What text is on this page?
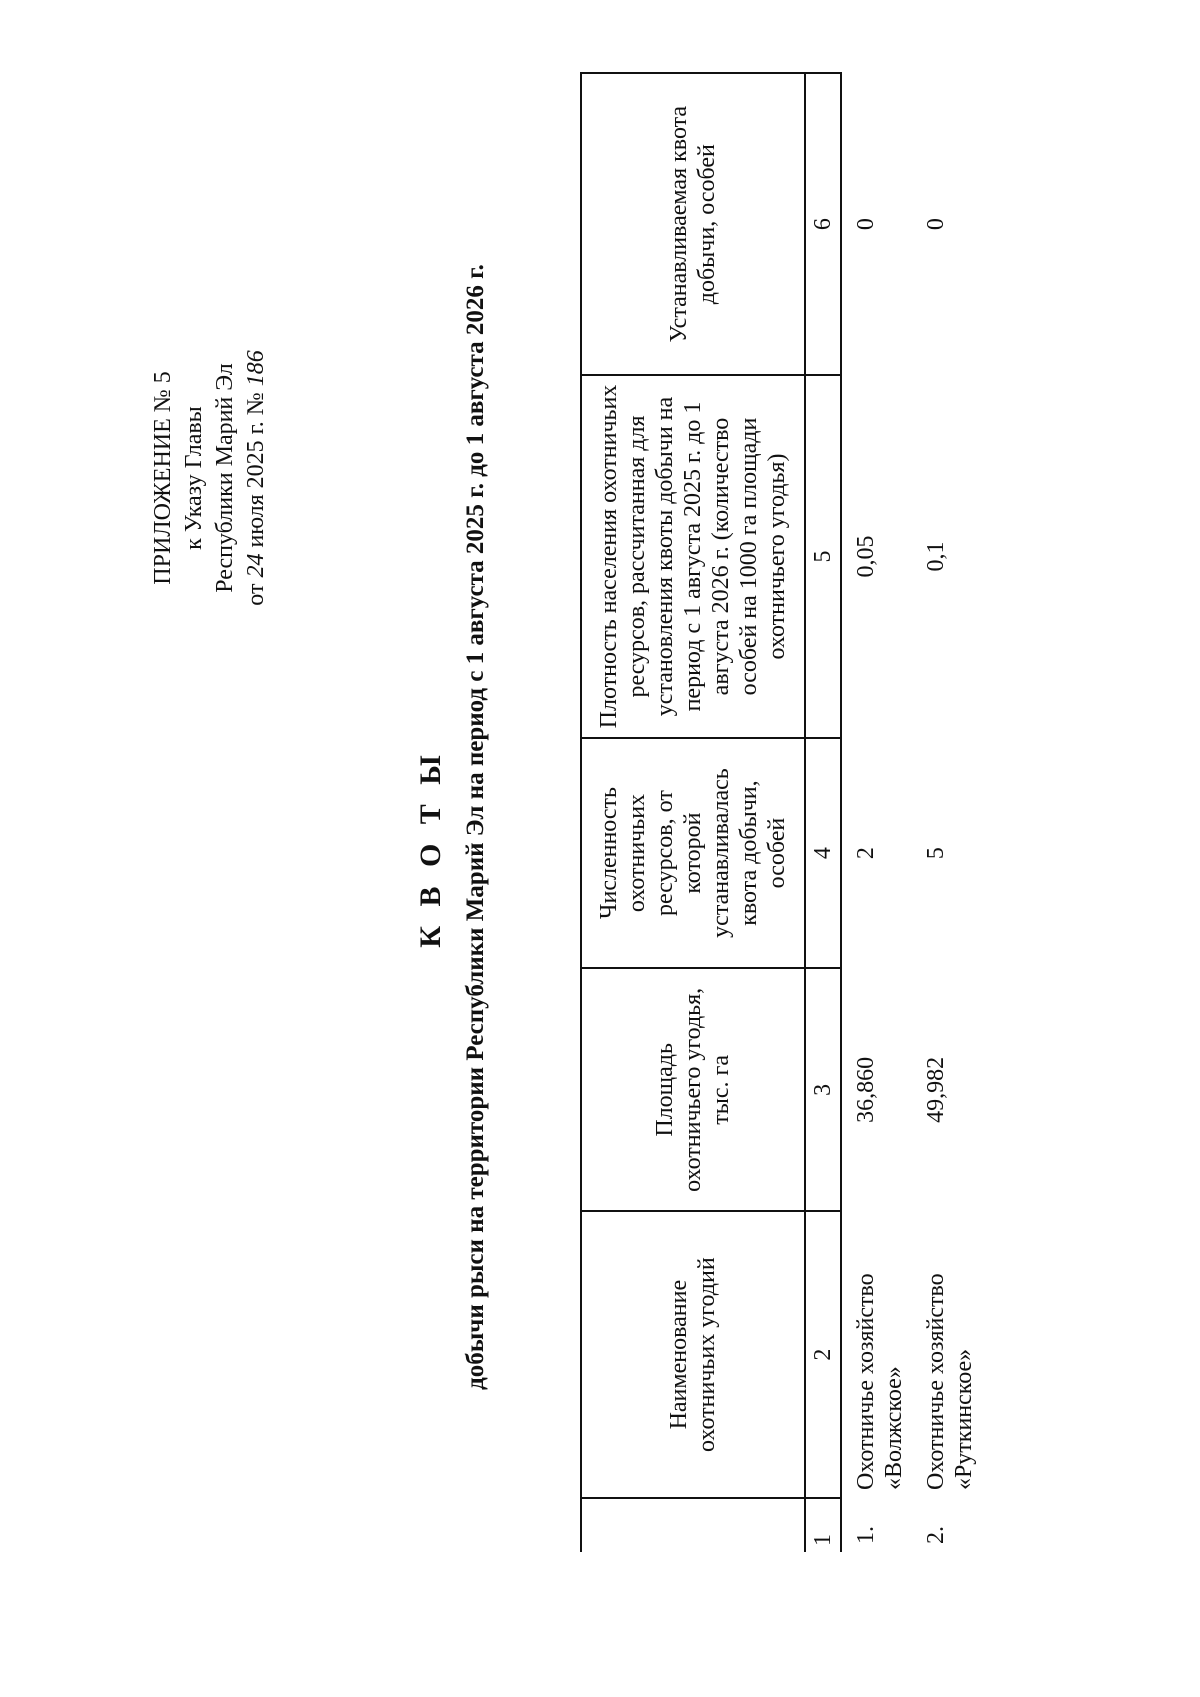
ПРИЛОЖЕНИЕ № 5 к Указу Главы Республики Марий Эл
от 24 июля 2025 г. № 186
К В О Т Ы добычи рыси на территории Республики Марий Эл на период с 1 августа 2025 г. до 1 августа 2026 г.
		Наименование охотничьих угодий	Площадь охотничьего угодья, тыс. га	Численность охотничьих ресурсов, от которой устанавливалась квота добычи, особей	Плотность населения охотничьих ресурсов, рассчитанная для установления квоты добычи на период с 1 августа 2025 г. до 1 августа 2026 г. (количество особей на 1000 га площади охотничьего угодья)	Устанавливаемая квота добычи, особей
1	2	3	4	5	6
1.	Охотничье хозяйство «Волжское»	36,860	2	0,05	0
2.	Охотничье хозяйство «Руткинское»	49,982	5	0,1	0
